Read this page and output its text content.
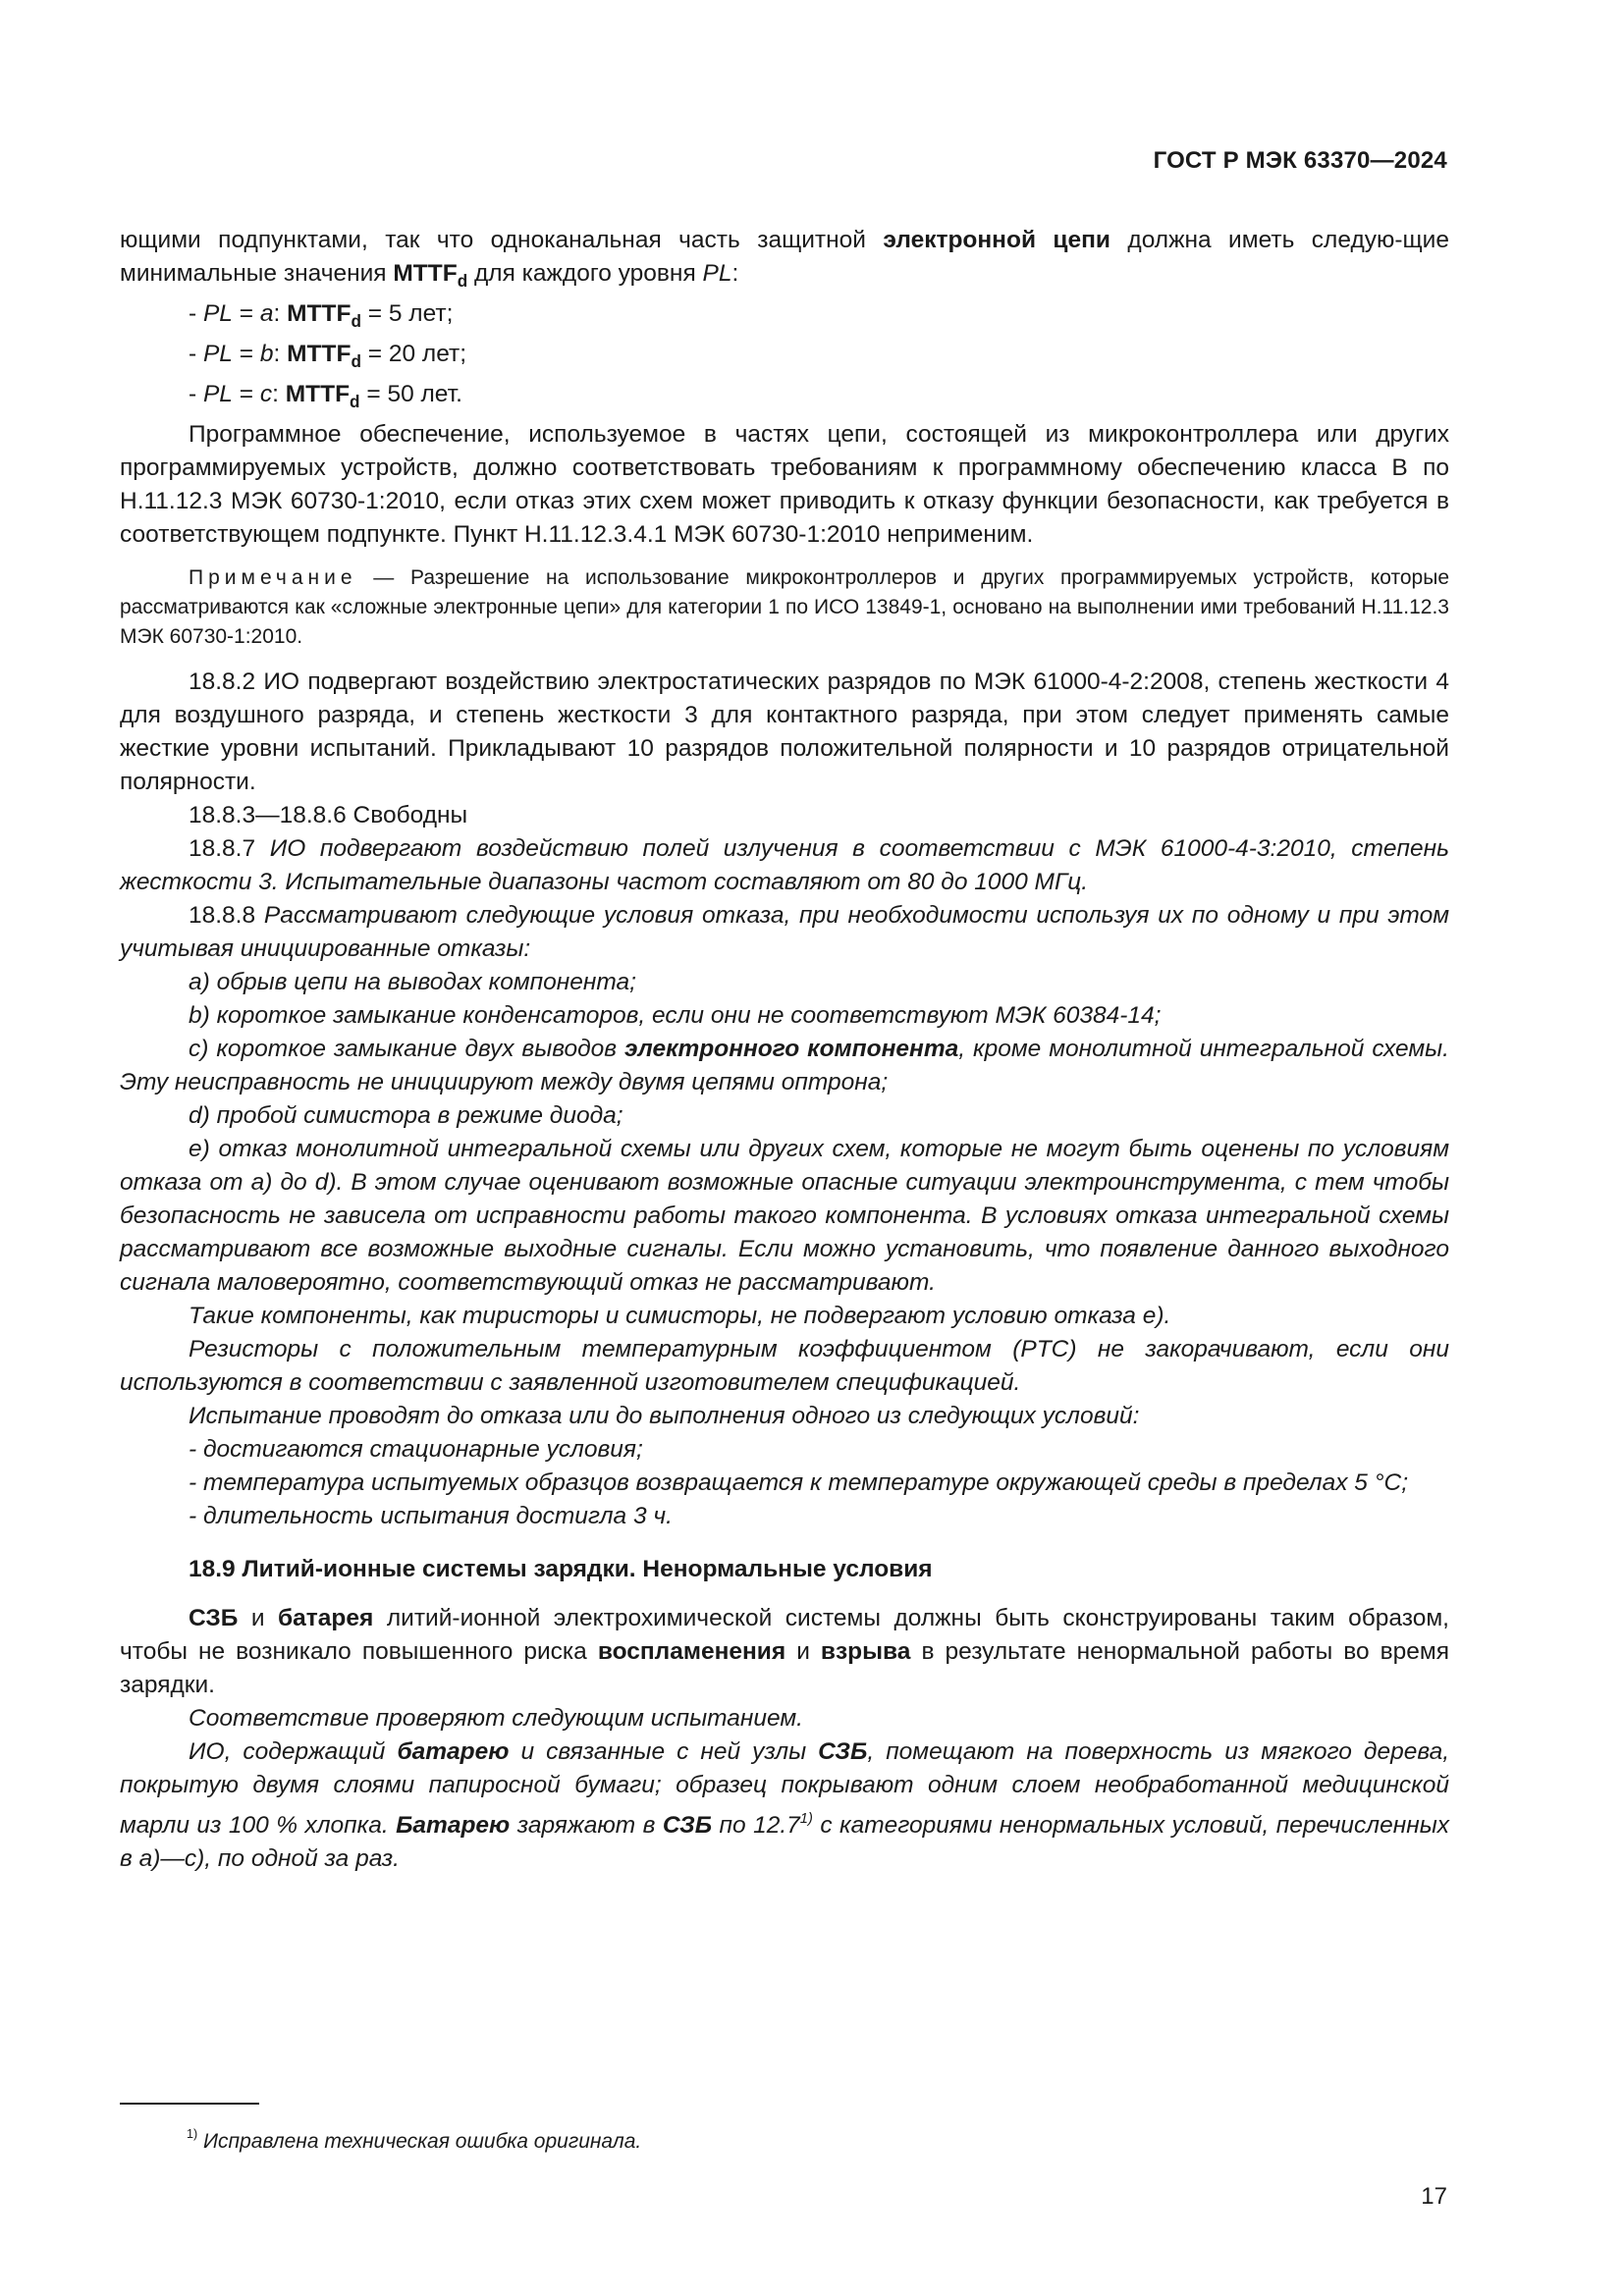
ГОСТ Р МЭК 63370—2024

ющими подпунктами, так что одноканальная часть защитной электронной цепи должна иметь следую-щие минимальные значения $MTTF_d$ для каждого уровня PL:

- PL = a: $MTTF_d = 5$ лет;

- PL = b: $MTTF_d = 20$ лет;

- PL = c: $MTTF_d = 50$ лет.

Программное обеспечение, используемое в частях цепи, состоящей из микроконтроллера или других программируемых устройств, должно соответствовать требованиям к программному обеспечению класса B по H.11.12.3 МЭК 60730-1:2010, если отказ этих схем может приводить к отказу функции безопасности, как требуется в соответствующем подпункте. Пункт H.11.12.3.4.1 МЭК 60730-1:2010 неприменим.

Примечание — Разрешение на использование микроконтроллеров и других программируемых устройств, которые рассматриваются как «сложные электронные цепи» для категории 1 по ИСО 13849-1, основано на выполнении ими требований H.11.12.3 МЭК 60730-1:2010.

18.8.2 ИО подвергают воздействию электростатических разрядов по МЭК 61000-4-2:2008, степень жесткости 4 для воздушного разряда, и степень жесткости 3 для контактного разряда, при этом следует применять самые жесткие уровни испытаний. Прикладывают 10 разрядов положительной полярности и 10 разрядов отрицательной полярности.

18.8.3—18.8.6 Свободны

18.8.7 ИО подвергают воздействию полей излучения в соответствии с МЭК 61000-4-3:2010, степень жесткости 3. Испытательные диапазоны частот составляют от 80 до 1000 МГц.

18.8.8 Рассматривают следующие условия отказа, при необходимости используя их по одному и при этом учитывая инициированные отказы:

a) обрыв цепи на выводах компонента;

b) короткое замыкание конденсаторов, если они не соответствуют МЭК 60384-14;

c) короткое замыкание двух выводов электронного компонента, кроме монолитной интегральной схемы. Эту неисправность не инициируют между двумя цепями оптрона;

d) пробой симистора в режиме диода;

e) отказ монолитной интегральной схемы или других схем, которые не могут быть оценены по условиям отказа от a) до d). В этом случае оценивают возможные опасные ситуации электроинструмента, с тем чтобы безопасность не зависела от исправности работы такого компонента. В условиях отказа интегральной схемы рассматривают все возможные выходные сигналы. Если можно установить, что появление данного выходного сигнала маловероятно, соответствующий отказ не рассматривают.

Такие компоненты, как тиристоры и симисторы, не подвергают условию отказа e).

Резисторы с положительным температурным коэффициентом (PTC) не закорачивают, если они используются в соответствии с заявленной изготовителем спецификацией.

Испытание проводят до отказа или до выполнения одного из следующих условий:

- достигаются стационарные условия;

- температура испытуемых образцов возвращается к температуре окружающей среды в пределах 5 °С;

- длительность испытания достигла 3 ч.

18.9 Литий-ионные системы зарядки. Ненормальные условия

СЗБ и батарея литий-ионной электрохимической системы должны быть сконструированы таким образом, чтобы не возникало повышенного риска воспламенения и взрыва в результате ненормальной работы во время зарядки.

Соответствие проверяют следующим испытанием.

ИО, содержащий батарею и связанные с ней узлы СЗБ, помещают на поверхность из мягкого дерева, покрытую двумя слоями папиросной бумаги; образец покрывают одним слоем необработанной медицинской марли из 100 % хлопка. Батарею заряжают в СЗБ по 12.7$^{1)}$ с категориями ненормальных условий, перечисленных в a)—c), по одной за раз.

$^{1)}$ Исправлена техническая ошибка оригинала.
17
